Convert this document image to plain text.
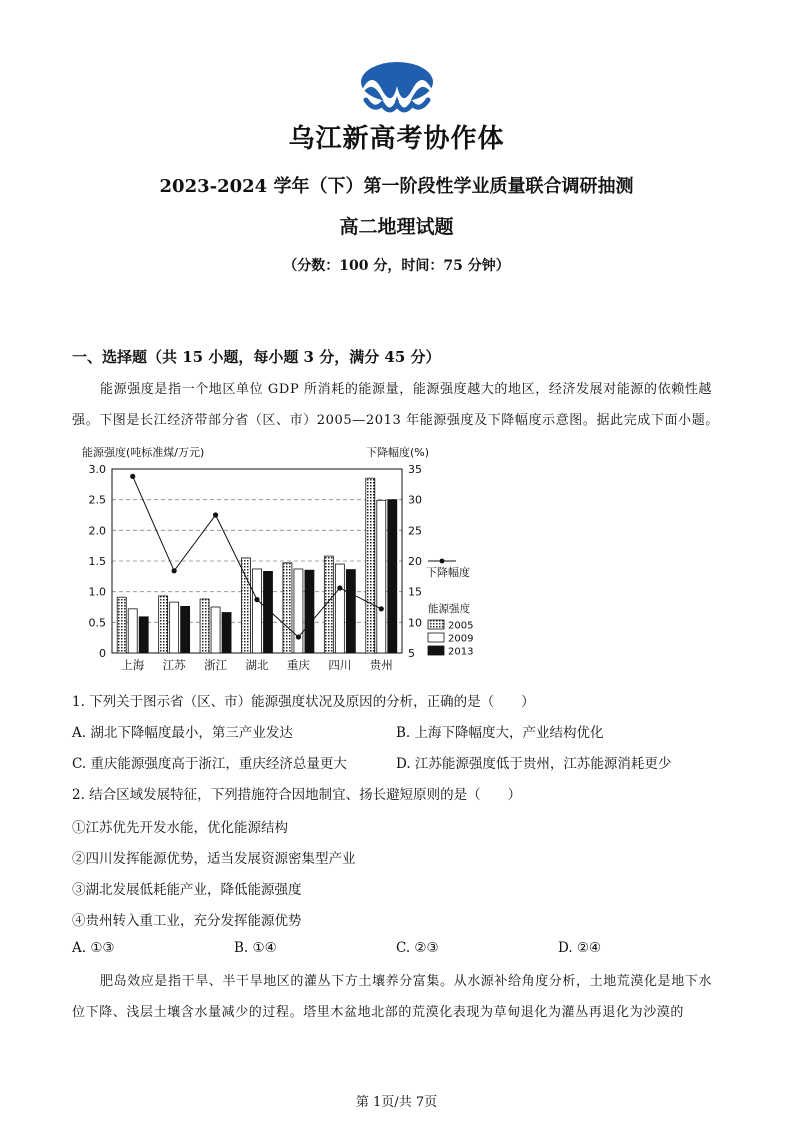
乌江新高考协作体
2023-2024 学年（下）第一阶段性学业质量联合调研抽测
高二地理试题
（分数：100 分，时间：75 分钟）
一、选择题（共 15 小题，每小题 3 分，满分 45 分）
能源强度是指一个地区单位 GDP 所消耗的能源量，能源强度越大的地区，经济发展对能源的依赖性越强。下图是长江经济带部分省（区、市）2005—2013 年能源强度及下降幅度示意图。据此完成下面小题。
0
0.5
1.0
1.5
2.0
2.5
3.0
5
10
15
20
25
30
35
能源强度(吨标准煤/万元)	下降幅度(%)
上海 江苏 浙江 湖北 重庆 四川 贵州
下降幅度
能源强度
2005
2009
2013
1. 下列关于图示省（区、市）能源强度状况及原因的分析，正确的是（　　）
A. 湖北下降幅度最小，第三产业发达	B. 上海下降幅度大，产业结构优化
C. 重庆能源强度高于浙江，重庆经济总量更大	D. 江苏能源强度低于贵州，江苏能源消耗更少
2. 结合区域发展特征，下列措施符合因地制宜、扬长避短原则的是（　　）
①江苏优先开发水能，优化能源结构
②四川发挥能源优势，适当发展资源密集型产业
③湖北发展低耗能产业，降低能源强度
④贵州转入重工业，充分发挥能源优势
A. ①③	B. ①④	C. ②③	D. ②④
肥岛效应是指干旱、半干旱地区的灌丛下方土壤养分富集。从水源补给角度分析，土地荒漠化是地下水位下降、浅层土壤含水量减少的过程。塔里木盆地北部的荒漠化表现为草甸退化为灌丛再退化为沙漠的
第 1页/共 7页
